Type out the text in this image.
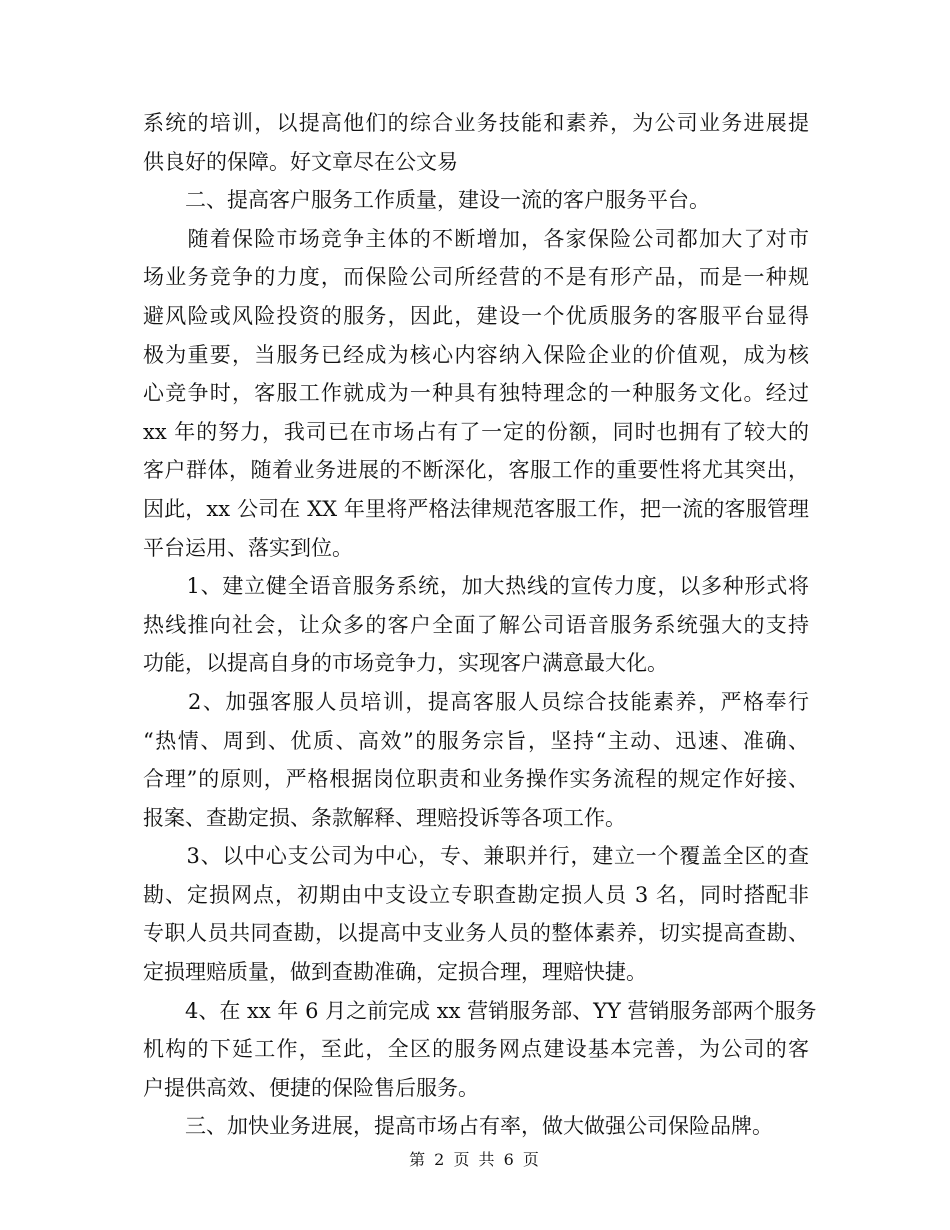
系统的培训，以提高他们的综合业务技能和素养，为公司业务进展提
供良好的保障。好文章尽在公文易
　　二、提高客户服务工作质量，建设一流的客户服务平台。
　　随着保险市场竞争主体的不断增加，各家保险公司都加大了对市
场业务竞争的力度，而保险公司所经营的不是有形产品，而是一种规
避风险或风险投资的服务，因此，建设一个优质服务的客服平台显得
极为重要，当服务已经成为核心内容纳入保险企业的价值观，成为核
心竞争时，客服工作就成为一种具有独特理念的一种服务文化。经过
xx 年的努力，我司已在市场占有了一定的份额，同时也拥有了较大的
客户群体，随着业务进展的不断深化，客服工作的重要性将尤其突出，
因此，xx 公司在 XX 年里将严格法律规范客服工作，把一流的客服管理
平台运用、落实到位。
　　1、建立健全语音服务系统，加大热线的宣传力度，以多种形式将
热线推向社会，让众多的客户全面了解公司语音服务系统强大的支持
功能，以提高自身的市场竞争力，实现客户满意最大化。
　　2、加强客服人员培训，提高客服人员综合技能素养，严格奉行
“热情、周到、优质、高效”的服务宗旨，坚持“主动、迅速、准确、
合理”的原则，严格根据岗位职责和业务操作实务流程的规定作好接、
报案、查勘定损、条款解释、理赔投诉等各项工作。
　　3、以中心支公司为中心，专、兼职并行，建立一个覆盖全区的查
勘、定损网点，初期由中支设立专职查勘定损人员 3 名，同时搭配非
专职人员共同查勘，以提高中支业务人员的整体素养，切实提高查勘、
定损理赔质量，做到查勘准确，定损合理，理赔快捷。
　　4、在 xx 年 6 月之前完成 xx 营销服务部、YY 营销服务部两个服务
机构的下延工作，至此，全区的服务网点建设基本完善，为公司的客
户提供高效、便捷的保险售后服务。
　　三、加快业务进展，提高市场占有率，做大做强公司保险品牌。
第 2 页 共 6 页
